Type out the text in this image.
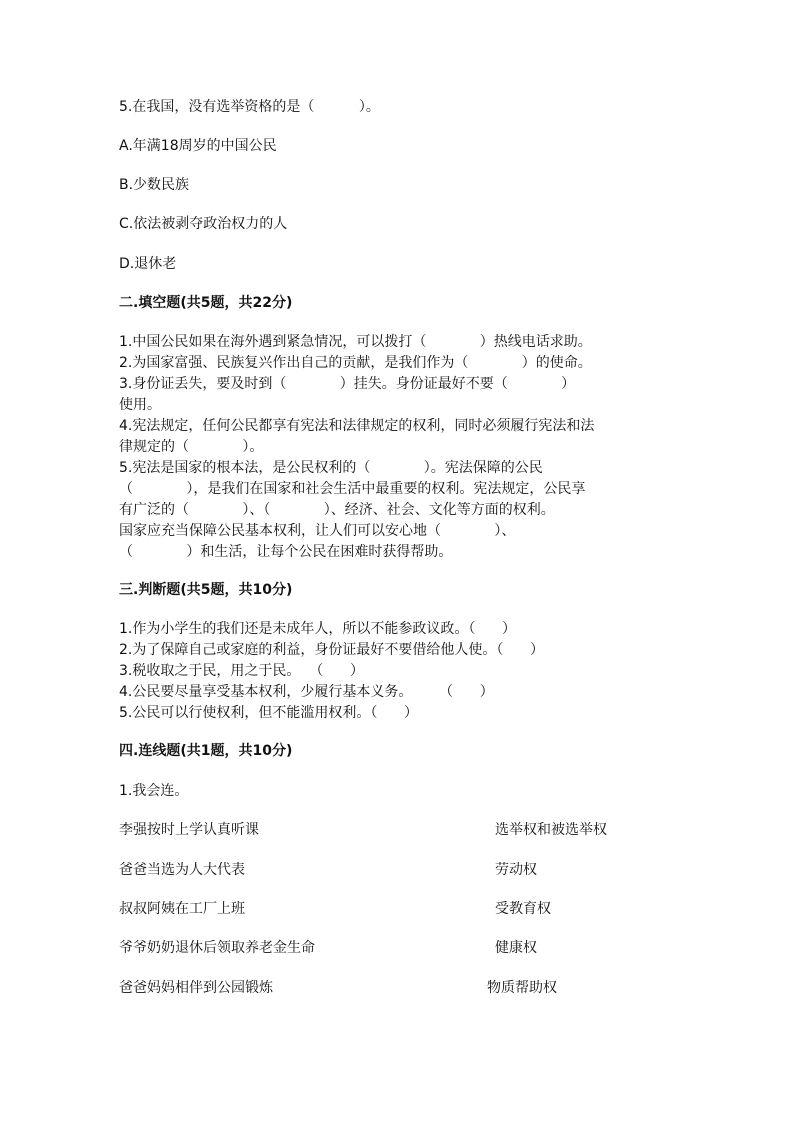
5.在我国，没有选举资格的是（          ）。
A.年满18周岁的中国公民
B.少数民族
C.依法被剥夺政治权力的人
D.退休老
二.填空题(共5题，共22分)
1.中国公民如果在海外遇到紧急情况，可以拨打（            ）热线电话求助。
2.为国家富强、民族复兴作出自己的贡献，是我们作为（            ）的使命。
3.身份证丢失，要及时到（            ）挂失。身份证最好不要（            ）
使用。
4.宪法规定，任何公民都享有宪法和法律规定的权利，同时必须履行宪法和法
律规定的（            ）。
5.宪法是国家的根本法，是公民权利的（            ）。宪法保障的公民
（            ），是我们在国家和社会生活中最重要的权利。宪法规定，公民享
有广泛的（            ）、（            ）、经济、社会、文化等方面的权利。
国家应充当保障公民基本权利，让人们可以安心地（            ）、
（            ）和生活，让每个公民在困难时获得帮助。
三.判断题(共5题，共10分)
1.作为小学生的我们还是未成年人，所以不能参政议政。（      ）
2.为了保障自己或家庭的利益，身份证最好不要借给他人使。（      ）
3.税收取之于民，用之于民。  （      ）
4.公民要尽量享受基本权利，少履行基本义务。      （      ）
5.公民可以行使权利，但不能滥用权利。（      ）
四.连线题(共1题，共10分)
1.我会连。
李强按时上学认真听课	选举权和被选举权
爸爸当选为人大代表	劳动权
叔叔阿姨在工厂上班	受教育权
爷爷奶奶退休后领取养老金生命	健康权
爸爸妈妈相伴到公园锻炼	物质帮助权
